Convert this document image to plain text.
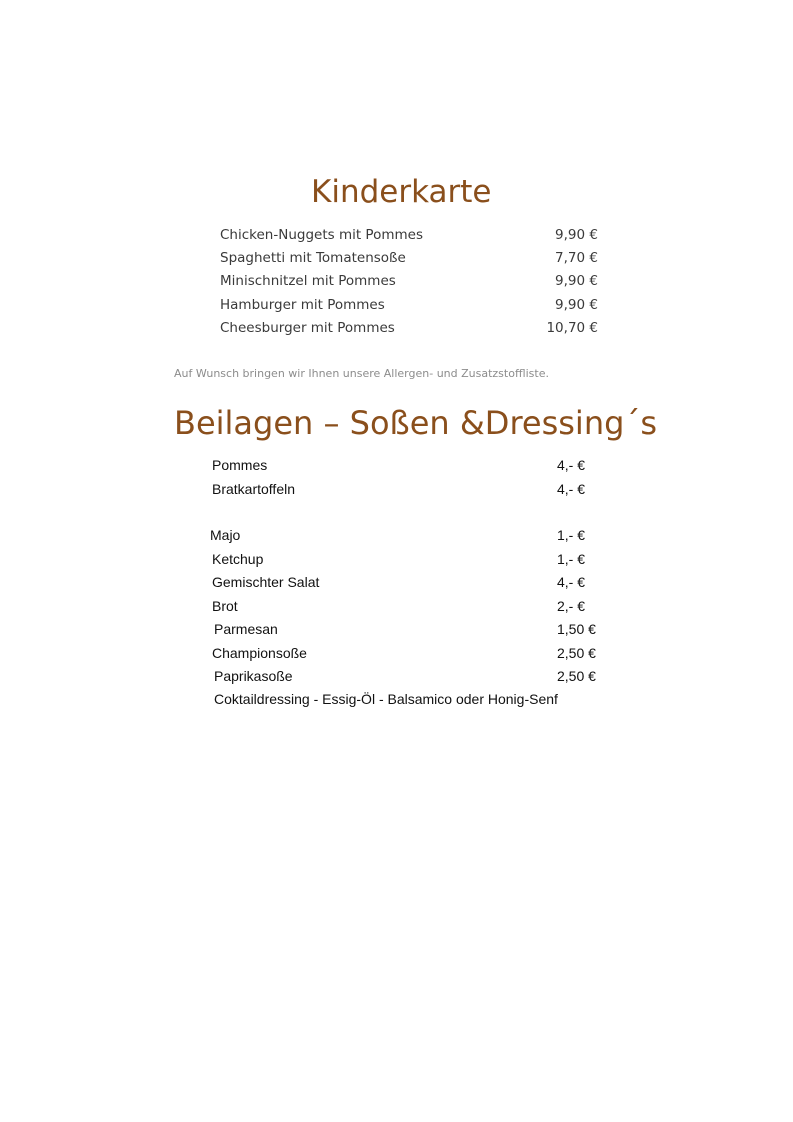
Kinderkarte
Chicken-Nuggets mit Pommes	9,90 €
Spaghetti mit Tomatensoße	7,70 €
Minischnitzel mit Pommes	9,90 €
Hamburger mit Pommes	9,90 €
Cheesburger mit Pommes	10,70 €
Auf Wunsch bringen wir Ihnen unsere Allergen- und Zusatzstoffliste.
Beilagen – Soßen &Dressing´s
Pommes	4,- €
Bratkartoffeln	4,- €
Majo	1,- €
Ketchup	1,- €
Gemischter Salat	4,- €
Brot	2,- €
Parmesan	1,50 €
Championsoße	2,50 €
Paprikasoße	2,50 €
Coktaildressing - Essig-Öl - Balsamico oder Honig-Senf
